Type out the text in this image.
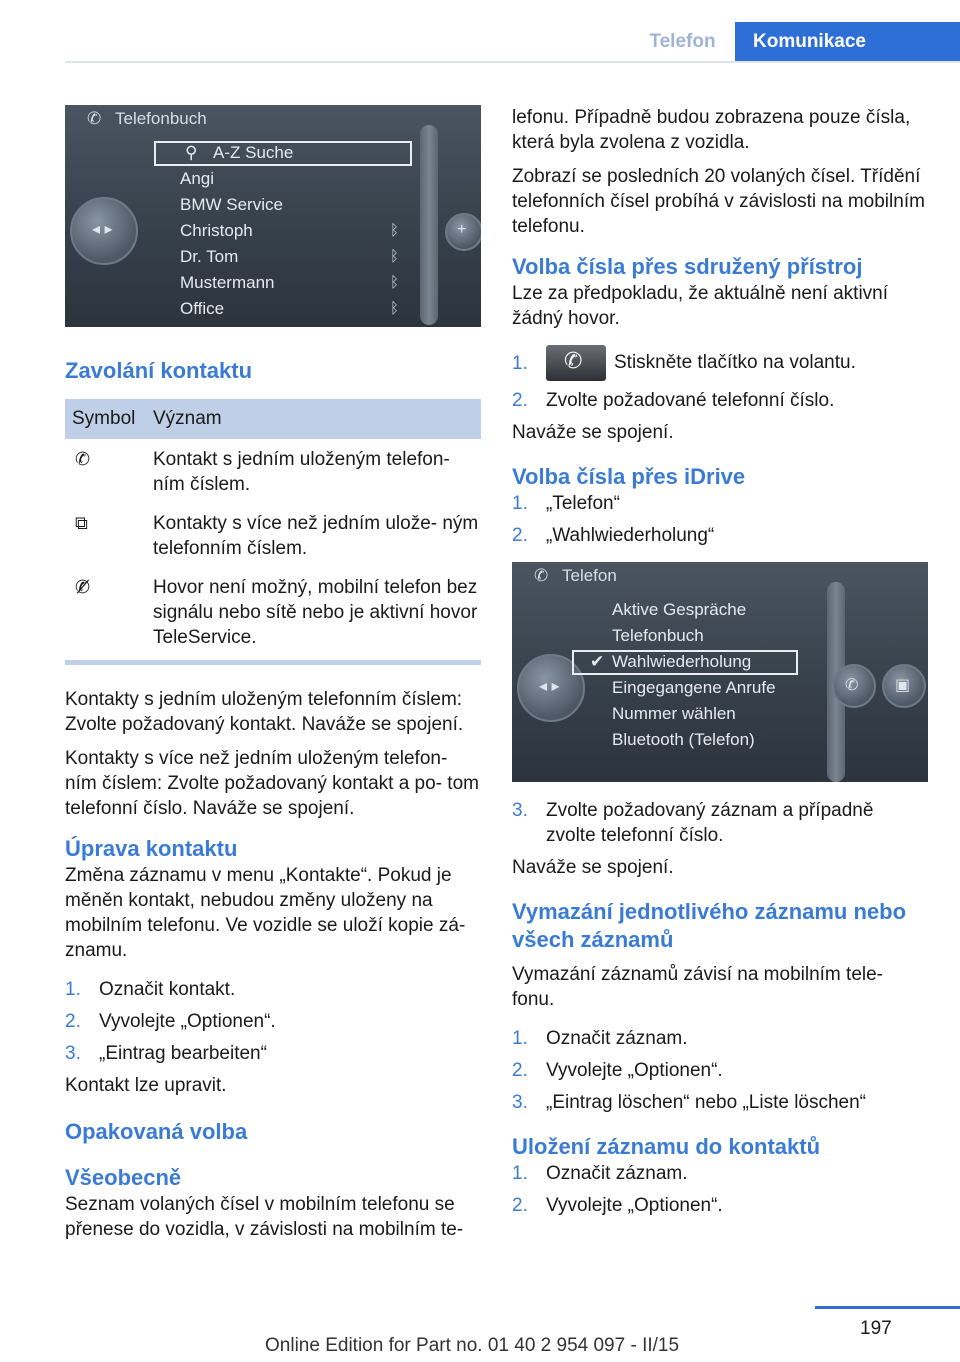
Telefon	Komunikace
✆ Telefonbuch
◂ ▸	+
⚲ A-Z Suche
Angi
BMW Service
Christoph	ᛒ
Dr. Tom	ᛒ
Mustermann	ᛒ
Office	ᛒ
Zavolání kontaktu
Symbol Význam
✆	Kontakt s jedním uloženým telefon‐ ním číslem.
⧉	Kontakty s více než jedním ulože‐ ným telefonním číslem.
✆̸	Hovor není možný, mobilní telefon bez signálu nebo sítě nebo je aktivní hovor TeleService.

Kontakty s jedním uloženým telefonním číslem: Zvolte požadovaný kontakt. Naváže se spojení.

Kontakty s více než jedním uloženým telefon‐ ním číslem: Zvolte požadovaný kontakt a po‐ tom telefonní číslo. Naváže se spojení.

Úprava kontaktu

Změna záznamu v menu „Kontakte“. Pokud je měněn kontakt, nebudou změny uloženy na mobilním telefonu. Ve vozidle se uloží kopie zá‐ znamu.

1. Označit kontakt.
2. Vyvolejte „Optionen“.
3. „Eintrag bearbeiten“

Kontakt lze upravit.

Opakovaná volba
Všeobecně

Seznam volaných čísel v mobilním telefonu se přenese do vozidla, v závislosti na mobilním te‐

lefonu. Případně budou zobrazena pouze čísla, která byla zvolena z vozidla.

Zobrazí se posledních 20 volaných čísel. Třídění telefonních čísel probíhá v závislosti na mobilním telefonu.

Volba čísla přes sdružený přístroj

Lze za předpokladu, že aktuálně není aktivní žádný hovor.

1. ✆ Stiskněte tlačítko na volantu.
2. Zvolte požadované telefonní číslo.

Naváže se spojení.

Volba čísla přes iDrive
1. „Telefon“
2. „Wahlwiederholung“
✆ Telefon
◂ ▸	✆ ▣
✔
Aktive Gespräche
Telefonbuch
Wahlwiederholung
Eingegangene Anrufe
Nummer wählen
Bluetooth (Telefon)
3. Zvolte požadovaný záznam a případně zvolte telefonní číslo.

Naváže se spojení.

Vymazání jednotlivého záznamu nebo všech záznamů

Vymazání záznamů závisí na mobilním tele‐ fonu.

1. Označit záznam.
2. Vyvolejte „Optionen“.
3. „Eintrag löschen“ nebo „Liste löschen“
Uložení záznamu do kontaktů
1. Označit záznam.
2. Vyvolejte „Optionen“.
197
Online Edition for Part no. 01 40 2 954 097 - II/15
